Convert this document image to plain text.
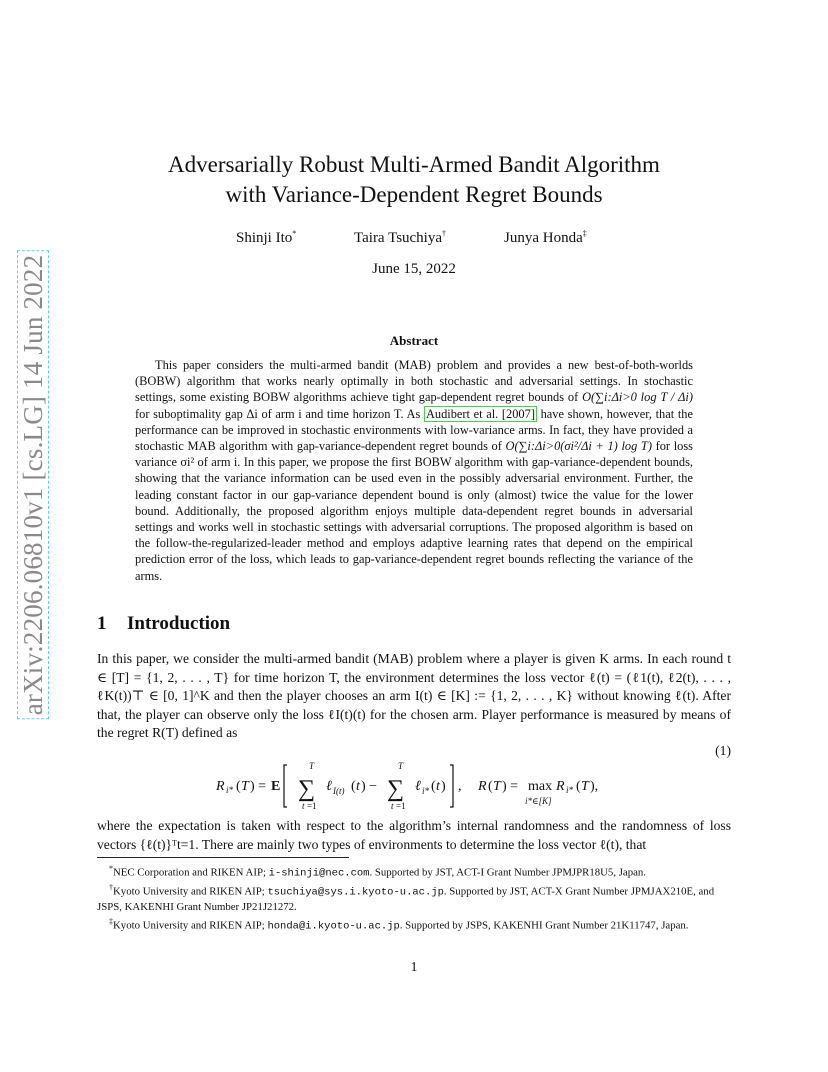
arXiv:2206.06810v1 [cs.LG] 14 Jun 2022
Adversarially Robust Multi-Armed Bandit Algorithm
with Variance-Dependent Regret Bounds
Shinji Ito*	Taira Tsuchiya†	Junya Honda‡
June 15, 2022
Abstract

This paper considers the multi-armed bandit (MAB) problem and provides a new best-of-both-worlds (BOBW) algorithm that works nearly optimally in both stochastic and adversarial settings. In stochastic settings, some existing BOBW algorithms achieve tight gap-dependent regret bounds of O(∑i:Δi>0 log T / Δi) for suboptimality gap Δi of arm i and time horizon T. As Audibert et al. [2007] have shown, however, that the performance can be improved in stochastic environments with low-variance arms. In fact, they have provided a stochastic MAB algorithm with gap-variance-dependent regret bounds of O(∑i:Δi>0(σi²/Δi + 1) log T) for loss variance σi² of arm i. In this paper, we propose the first BOBW algorithm with gap-variance-dependent bounds, showing that the variance information can be used even in the possibly adversarial environment. Further, the leading constant factor in our gap-variance dependent bound is only (almost) twice the value for the lower bound. Additionally, the proposed algorithm enjoys multiple data-dependent regret bounds in adversarial settings and works well in stochastic settings with adversarial corruptions. The proposed algorithm is based on the follow-the-regularized-leader method and employs adaptive learning rates that depend on the empirical prediction error of the loss, which leads to gap-variance-dependent regret bounds reflecting the variance of the arms.

1 Introduction

In this paper, we consider the multi-armed bandit (MAB) problem where a player is given K arms. In each round t ∈ [T] = {1, 2, . . . , T} for time horizon T, the environment determines the loss vector ℓ(t) = (ℓ1(t), ℓ2(t), . . . , ℓK(t))⊤ ∈ [0, 1]^K and then the player chooses an arm I(t) ∈ [K] := {1, 2, . . . , K} without knowing ℓ(t). After that, the player can observe only the loss ℓI(t)(t) for the chosen arm. Player performance is measured by means of the regret R(T) defined as

R i* ( T ) = E
T
∑
t =1
ℓ I(t) ( t ) −
T
∑
t =1
ℓ i* ( t ) , R ( T ) = max
i*∈[K]
R i* ( T ),
(1)

where the expectation is taken with respect to the algorithm’s internal randomness and the randomness of loss vectors {ℓ(t)}ᵀt=1. There are mainly two types of environments to determine the loss vector ℓ(t), that

*NEC Corporation and RIKEN AIP; i-shinji@nec.com. Supported by JST, ACT-I Grant Number JPMJPR18U5, Japan.

†Kyoto University and RIKEN AIP; tsuchiya@sys.i.kyoto-u.ac.jp. Supported by JST, ACT-X Grant Number JPMJAX210E, and JSPS, KAKENHI Grant Number JP21J21272.

‡Kyoto University and RIKEN AIP; honda@i.kyoto-u.ac.jp. Supported by JSPS, KAKENHI Grant Number 21K11747, Japan.

1
